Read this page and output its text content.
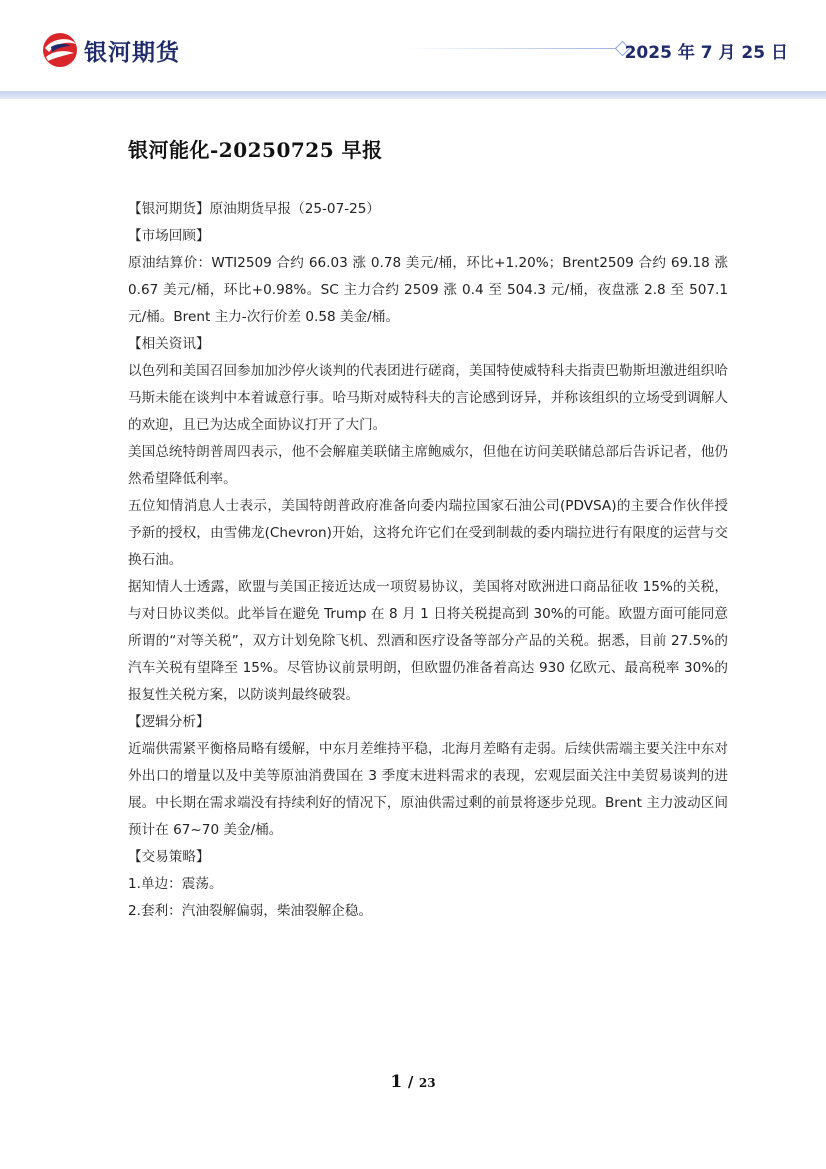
银河期货	2025 年 7 月 25 日
银河能化-20250725 早报

【银河期货】原油期货早报（25-07-25）

【市场回顾】

原油结算价：WTI2509 合约 66.03 涨 0.78 美元/桶，环比+1.20%；Brent2509 合约 69.18 涨 0.67 美元/桶，环比+0.98%。SC 主力合约 2509 涨 0.4 至 504.3 元/桶，夜盘涨 2.8 至 507.1 元/桶。Brent 主力-次行价差 0.58 美金/桶。

【相关资讯】

以色列和美国召回参加加沙停火谈判的代表团进行磋商，美国特使威特科夫指责巴勒斯坦激进组织哈马斯未能在谈判中本着诚意行事。哈马斯对威特科夫的言论感到讶异，并称该组织的立场受到调解人的欢迎，且已为达成全面协议打开了大门。

美国总统特朗普周四表示，他不会解雇美联储主席鲍威尔，但他在访问美联储总部后告诉记者，他仍然希望降低利率。

五位知情消息人士表示，美国特朗普政府准备向委内瑞拉国家石油公司(PDVSA)的主要合作伙伴授予新的授权，由雪佛龙(Chevron)开始，这将允许它们在受到制裁的委内瑞拉进行有限度的运营与交换石油。

据知情人士透露，欧盟与美国正接近达成一项贸易协议，美国将对欧洲进口商品征收 15%的关税，与对日协议类似。此举旨在避免 Trump 在 8 月 1 日将关税提高到 30%的可能。欧盟方面可能同意所谓的“对等关税”，双方计划免除飞机、烈酒和医疗设备等部分产品的关税。据悉，目前 27.5%的汽车关税有望降至 15%。尽管协议前景明朗，但欧盟仍准备着高达 930 亿欧元、最高税率 30%的报复性关税方案，以防谈判最终破裂。

【逻辑分析】

近端供需紧平衡格局略有缓解，中东月差维持平稳，北海月差略有走弱。后续供需端主要关注中东对外出口的增量以及中美等原油消费国在 3 季度末进料需求的表现，宏观层面关注中美贸易谈判的进展。中长期在需求端没有持续利好的情况下，原油供需过剩的前景将逐步兑现。Brent 主力波动区间预计在 67~70 美金/桶。

【交易策略】

1.单边：震荡。

2.套利：汽油裂解偏弱，柴油裂解企稳。

1 / 23
